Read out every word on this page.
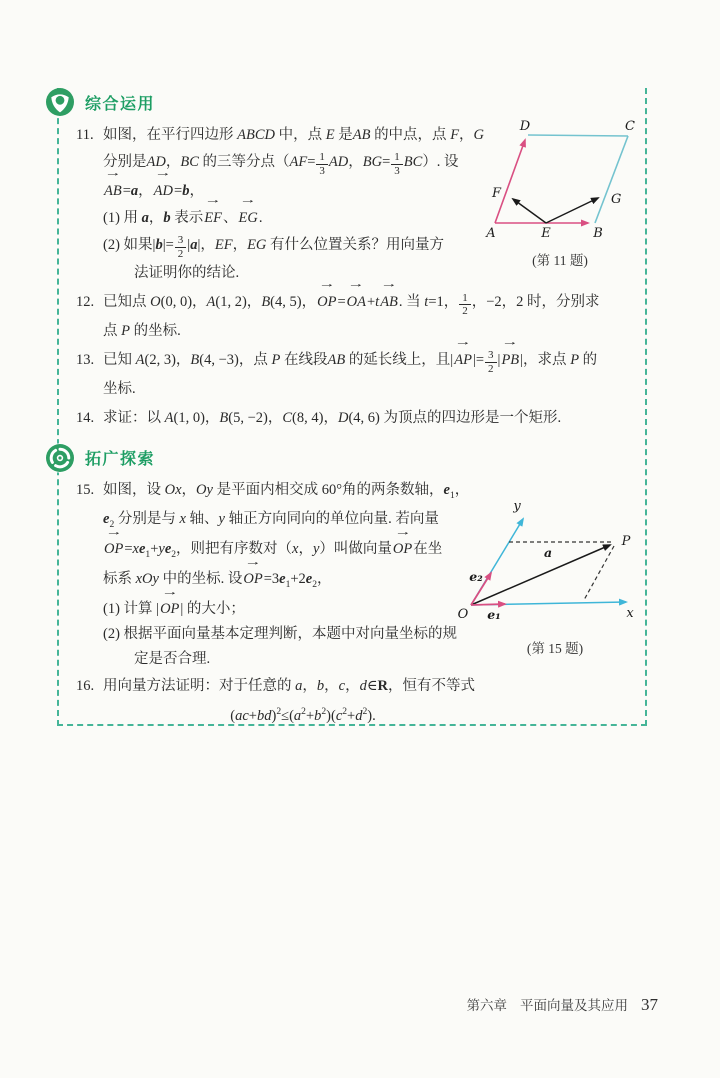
综合运用
11. 如图，在平行四边形 ABCD 中，点 E 是AB 的中点，点 F，G
分别是AD，BC 的三等分点（$AF= \frac{1}{3}$ AD，$BG= \frac{1}{3} BC$）. 设
→
AB=a，
→
AD=b，
(1) 用 a，b 表示
→
EF、
→
EG.
(2) 如果$|b|= \frac{3}{2} |a|$，EF，EG 有什么位置关系？用向量方
法证明你的结论.
12. 已知点 O(0, 0)，A(1, 2)，B(4, 5)，
→
OP=
→
OA+t
→
AB. 当 t=1， $\frac{1}{2}$ ，−2，2 时，分别求
点 P 的坐标.
13. 已知 A(2, 3)，B(4, −3)，点 P 在线段AB 的延长线上，且|
→
$AP|= \frac{3}{2}$ |
→
PB|，求点 P 的
坐标.
14. 求证：以 A(1, 0)，B(5, −2)，C(8, 4)，D(4, 6) 为顶点的四边形是一个矩形.
拓广探索
15. 如图，设 Ox，Oy 是平面内相交成 60°角的两条数轴，$e_1$，
$e_2$ 分别是与 x 轴、y 轴正方向同向的单位向量. 若向量
→
$OP=xe_1+ye_2$，则把有序数对（x，y）叫做向量
→
OP在坐
标系 xOy 中的坐标. 设
→
$OP=3e_1+2e_2$，
(1) 计算 |
→
OP| 的大小；
(2) 根据平面向量基本定理判断，本题中对向量坐标的规
定是否合理.
16. 用向量方法证明：对于任意的 a，b，c，d∈R，恒有不等式
$(ac+bd)^2\le(a^2+b^2)(c^2+d^2)$.
A	E	B
D	C
F	G
(第 11 题)
O	x
y
P
a
e₁
e₂
(第 15 题)
第六章 平面向量及其应用 37
